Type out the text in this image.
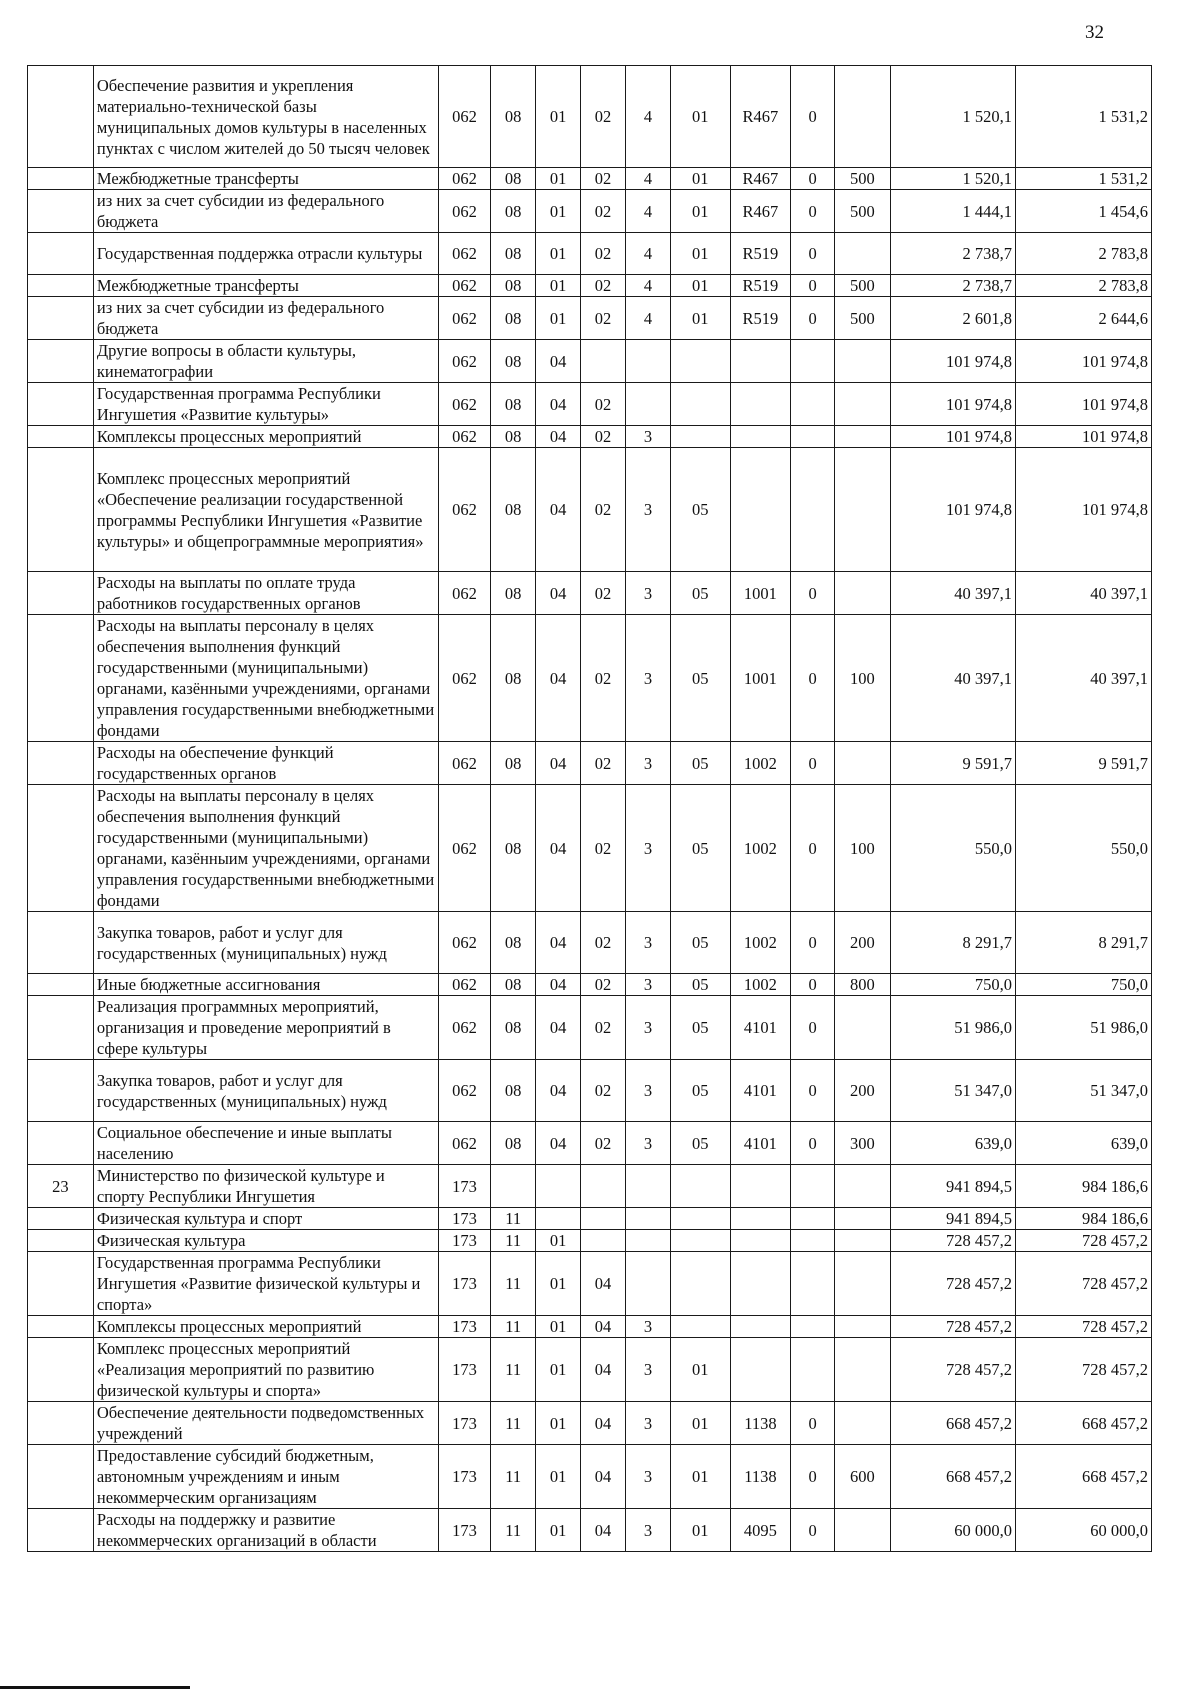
32
	Обеспечение развития и укрепления материально-технической базы муниципальных домов культуры в населенных пунктах с числом жителей до 50 тысяч человек	062	08	01	02	4	01	R467	0		1 520,1	1 531,2
	Межбюджетные трансферты	062	08	01	02	4	01	R467	0	500	1 520,1	1 531,2
	из них за счет субсидии из федерального бюджета	062	08	01	02	4	01	R467	0	500	1 444,1	1 454,6
	Государственная поддержка отрасли культуры	062	08	01	02	4	01	R519	0		2 738,7	2 783,8
	Межбюджетные трансферты	062	08	01	02	4	01	R519	0	500	2 738,7	2 783,8
	из них за счет субсидии из федерального бюджета	062	08	01	02	4	01	R519	0	500	2 601,8	2 644,6
	Другие вопросы в области культуры, кинематографии	062	08	04							101 974,8	101 974,8
	Государственная программа Республики Ингушетия «Развитие культуры»	062	08	04	02						101 974,8	101 974,8
	Комплексы процессных мероприятий	062	08	04	02	3					101 974,8	101 974,8
	Комплекс процессных мероприятий «Обеспечение реализации государственной программы Республики Ингушетия «Развитие культуры» и общепрограммные мероприятия»	062	08	04	02	3	05				101 974,8	101 974,8
	Расходы на выплаты по оплате труда работников государственных органов	062	08	04	02	3	05	1001	0		40 397,1	40 397,1
	Расходы на выплаты персоналу в целях обеспечения выполнения функций государственными (муниципальными) органами, казёнными учреждениями, органами управления государственными внебюджетными фондами	062	08	04	02	3	05	1001	0	100	40 397,1	40 397,1
	Расходы на обеспечение функций государственных органов	062	08	04	02	3	05	1002	0		9 591,7	9 591,7
	Расходы на выплаты персоналу в целях обеспечения выполнения функций государственными (муниципальными) органами, казённыим учреждениями, органами управления государственными внебюджетными фондами	062	08	04	02	3	05	1002	0	100	550,0	550,0
	Закупка товаров, работ и услуг для государственных (муниципальных) нужд	062	08	04	02	3	05	1002	0	200	8 291,7	8 291,7
	Иные бюджетные ассигнования	062	08	04	02	3	05	1002	0	800	750,0	750,0
	Реализация программных мероприятий, организация и проведение мероприятий в сфере культуры	062	08	04	02	3	05	4101	0		51 986,0	51 986,0
	Закупка товаров, работ и услуг для государственных (муниципальных) нужд	062	08	04	02	3	05	4101	0	200	51 347,0	51 347,0
	Социальное обеспечение и иные выплаты населению	062	08	04	02	3	05	4101	0	300	639,0	639,0
23	Министерство по физической культуре и спорту Республики Ингушетия	173									941 894,5	984 186,6
	Физическая культура и спорт	173	11								941 894,5	984 186,6
	Физическая культура	173	11	01							728 457,2	728 457,2
	Государственная программа Республики Ингушетия «Развитие физической культуры и спорта»	173	11	01	04						728 457,2	728 457,2
	Комплексы процессных мероприятий	173	11	01	04	3					728 457,2	728 457,2
	Комплекс процессных мероприятий «Реализация мероприятий по развитию физической культуры и спорта»	173	11	01	04	3	01				728 457,2	728 457,2
	Обеспечение деятельности подведомственных учреждений	173	11	01	04	3	01	1138	0		668 457,2	668 457,2
	Предоставление субсидий бюджетным, автономным учреждениям и иным некоммерческим организациям	173	11	01	04	3	01	1138	0	600	668 457,2	668 457,2
	Расходы на поддержку и развитие некоммерческих организаций в области	173	11	01	04	3	01	4095	0		60 000,0	60 000,0
